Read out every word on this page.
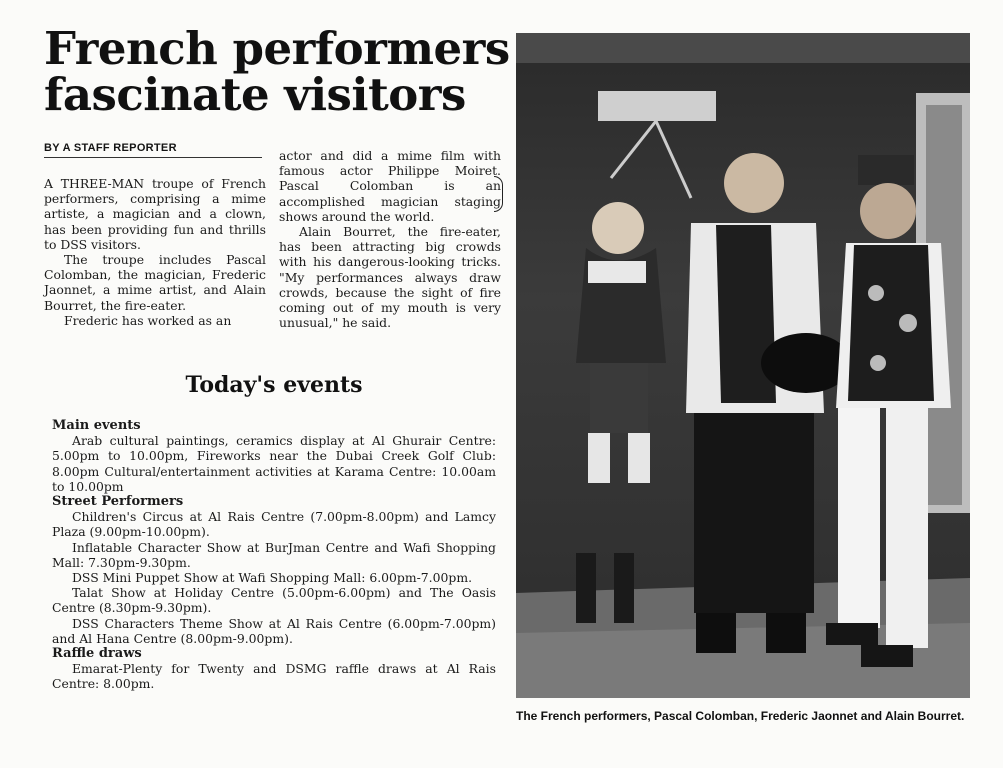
French performers fascinate visitors
BY A STAFF REPORTER

A THREE-MAN troupe of French performers, comprising a mime artiste, a magician and a clown, has been providing fun and thrills to DSS visitors.

The troupe includes Pascal Colomban, the magician, Frederic Jaonnet, a mime artist, and Alain Bourret, the fire-eater.

Frederic has worked as an

actor and did a mime film with famous actor Philippe Moiret. Pascal Colomban is an accomplished magician staging shows around the world.

Alain Bourret, the fire-eater, has been attracting big crowds with his dangerous-looking tricks. "My performances always draw crowds, because the sight of fire coming out of my mouth is very unusual," he said.

Today's events
Main events

Arab cultural paintings, ceramics display at Al Ghurair Centre: 5.00pm to 10.00pm, Fireworks near the Dubai Creek Golf Club: 8.00pm Cultural/entertainment activities at Karama Centre: 10.00am to 10.00pm

Street Performers

Children's Circus at Al Rais Centre (7.00pm-8.00pm) and Lamcy Plaza (9.00pm-10.00pm).

Inflatable Character Show at BurJman Centre and Wafi Shopping Mall: 7.30pm-9.30pm.

DSS Mini Puppet Show at Wafi Shopping Mall: 6.00pm-7.00pm.

Talat Show at Holiday Centre (5.00pm-6.00pm) and The Oasis Centre (8.30pm-9.30pm).

DSS Characters Theme Show at Al Rais Centre (6.00pm-7.00pm) and Al Hana Centre (8.00pm-9.00pm).

Raffle draws

Emarat-Plenty for Twenty and DSMG raffle draws at Al Rais Centre: 8.00pm.

The French performers, Pascal Colomban, Frederic Jaonnet and Alain Bourret.
